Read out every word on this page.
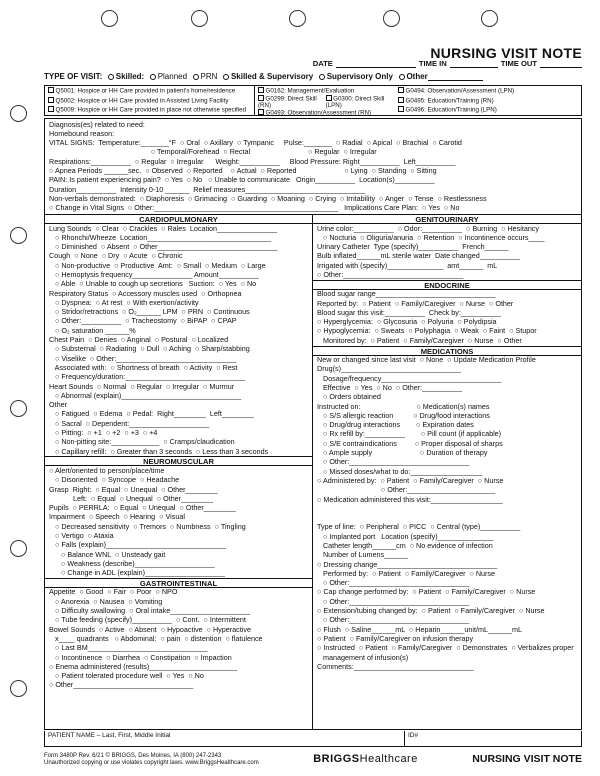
NURSING VISIT NOTE
DATE	TIME IN	TIME OUT
TYPE OF VISIT:	Skilled:	Planned	PRN	Skilled & Supervisory	Supervisory Only	Other
Q5001: Hospice or HH Care provided in patient's home/residence
Q5002: Hospice or HH Care provided in Assisted Living Facility
Q5009: Hospice or HH Care provided in place not otherwise specified
G0162: Management/Evaluation
G0299: Direct Skill (RN)
G0300: Direct Skill (LPN)
G0493: Observation/Assessment (RN)
G0494: Observation/Assessment (LPN)
G0495: Education/Training (RN)
G0496: Education/Training (LPN)
Diagnosis(es) related to need:
Homebound reason:
VITAL SIGNS:  Temperature:_______°F  ○ Oral  ○ Axillary  ○ Tympanic     Pulse:_______  ○ Radial  ○ Apical  ○ Brachial  ○ Carotid
○ Temporal/Forehead  ○ Rectal                             ○ Regular  ○ Irregular
Respirations:__________  ○ Regular  ○ Irregular      Weight:__________     Blood Pressure: Right__________  Left__________
○ Apnea Periods ______sec.  ○ Observed  ○ Reported    ○ Actual  ○ Reported                        ○ Lying  ○ Standing  ○ Sitting
PAIN: Is patient experiencing pain?  ○ Yes  ○ No   ○ Unable to communicate   Origin__________  Location(s)__________
Duration__________  Intensity 0-10 ______  Relief measures______________________________
Non-verbals demonstrated:  ○ Diaphoresis  ○ Grimacing  ○ Guarding  ○ Moaning  ○ Crying  ○ Irritability  ○ Anger  ○ Tense  ○ Restlessness
○ Change in Vital Signs  ○ Other:______________________________________________   Implications Care Plan:  ○ Yes  ○ No
CARDIOPULMONARY
Lung Sounds  ○ Clear  ○ Crackles  ○ Rales  Location_______________
○ Rhonchi/Wheeze  Location_______________________________
○ Diminished  ○ Absent  ○ Other______________________________
Cough  ○ None  ○ Dry  ○ Acute  ○ Chronic
○ Non-productive  ○ Productive  Amt:  ○ Small  ○ Medium  ○ Large
○ Hemoptysis frequency_______________ Amount__________
○ Able  ○ Unable to cough up secretions   Suction:  ○ Yes  ○ No
Respiratory Status  ○ Accessory muscles used  ○ Orthopnea
○ Dyspnea:  ○ At rest  ○ With exertion/activity
○ Stridor/retractions  ○ O₂______ LPM  ○ PRN  ○ Continuous
○ Other:__________  ○ Tracheostomy  ○ BiPAP  ○ CPAP
○ O₂ saturation ______%
Chest Pain  ○ Denies  ○ Anginal  ○ Postural  ○ Localized
○ Substernal  ○ Radiating  ○ Dull  ○ Aching  ○ Sharp/stabbing
○ Viselike  ○ Other:______________________________
Associated with:  ○ Shortness of breath  ○ Activity  ○ Rest
○ Frequency/duration:______________________________
Heart Sounds  ○ Normal  ○ Regular  ○ Irregular  ○ Murmur
○ Abnormal (explain)______________________________
Other
○ Fatigued  ○ Edema  ○ Pedal:  Right________  Left________
○ Sacral  ○ Dependent:____________________
○ Pitting:  ○ +1  ○ +2  ○ +3  ○ +4
○ Non-pitting site:____________  ○ Cramps/claudication
○ Capillary refill:  ○ Greater than 3 seconds  ○ Less than 3 seconds
NEUROMUSCULAR
○ Alert/oriented to person/place/time
○ Disoriented  ○ Syncope  ○ Headache
Grasp  Right:  ○ Equal  ○ Unequal  ○ Other________
Left:  ○ Equal  ○ Unequal  ○ Other________
Pupils  ○ PERRLA:  ○ Equal  ○ Unequal  ○ Other________
Impairment  ○ Speech  ○ Hearing  ○ Visual
○ Decreased sensitivity  ○ Tremors  ○ Numbness  ○ Tingling
○ Vertigo  ○ Ataxia
○ Falls (explain)______________________________
○ Balance WNL  ○ Unsteady gait
○ Weakness (describe)____________________
○ Change in ADL (explain)____________________
GASTROINTESTINAL
Appetite  ○ Good  ○ Fair  ○ Poor  ○ NPO
○ Anorexia  ○ Nausea  ○ Vomiting
○ Difficulty swallowing  ○ Oral intake____________________
○ Tube feeding (specify)__________  ○ Cont.  ○ Intermittent
Bowel Sounds  ○ Active  ○ Absent  ○ Hypoactive  ○ Hyperactive
x____ quadrants   ○ Abdominal:  ○ pain  ○ distention  ○ flatulence
○ Last BM______________________________
○ Incontinence  ○ Diarrhea  ○ Constipation  ○ Impaction
○ Enema administered (results)______________________
○ Patient tolerated procedure well  ○ Yes  ○ No
○ Other______________________________
GENITOURINARY
Urine color:__________  ○ Odor:__________  ○ Burning  ○ Hesitancy
○ Nocturia  ○ Oliguria/anuria  ○ Retention  ○ Incontinence occurs____
Urinary Catheter  Type (specify)__________  French______
Bulb inflated______mL sterile water  Date changed__________
Irrigated with (specify)______________  amt______  mL
○ Other:______________________________
ENDOCRINE
Blood sugar range______________________________
Reported by:  ○ Patient  ○ Family/Caregiver  ○ Nurse  ○ Other
Blood sugar this visit:__________  Check by:__________
○ Hyperglycemia:  ○ Glycosuria  ○ Polyuria  ○ Polydipsia
○ Hypoglycemia:  ○ Sweats  ○ Polyphagia  ○ Weak  ○ Faint  ○ Stupor
Monitored by:  ○ Patient  ○ Family/Caregiver  ○ Nurse  ○ Other
MEDICATIONS
New or changed since last visit  ○ None  ○ Update Medication Profile
Drug(s)______________________________
Dosage/frequency______________________________
Effective  ○ Yes  ○ No  ○ Other:__________
○ Orders obtained
Instructed on:                            ○ Medication(s) names
○ S/S allergic reaction          ○ Drug/food interactions
○ Drug/drug interactions        ○ Expiration dates
○ Rx refill by:__________        ○ Pill count (if applicable)
○ S/E contraindications         ○ Proper disposal of sharps
○ Ample supply                        ○ Duration of therapy
○ Other:______________________________
○ Missed doses/what to do:__________________
○ Administered by:  ○ Patient  ○ Family/Caregiver  ○ Nurse
○ Other:______________________
○ Medication administered this visit:__________________
Type of line:  ○ Peripheral  ○ PICC  ○ Central (type)__________
○ Implanted port   Location (specify)______________
Catheter length______cm  ○ No evidence of infection
Number of Lumens______
○ Dressing change______________________________
Performed by:  ○ Patient  ○ Family/Caregiver  ○ Nurse
○ Other:______________________________
○ Cap change performed by:  ○ Patient  ○ Family/Caregiver  ○ Nurse
○ Other:______________________________
○ Extension/tubing changed by:  ○ Patient  ○ Family/Caregiver  ○ Nurse
○ Other:______________________________
○ Flush  ○ Saline______mL  ○ Heparin______unit/mL______mL
○ Patient  ○ Family/Caregiver on infusion therapy
○ Instructed  ○ Patient  ○ Family/Caregiver  ○ Demonstrates  ○ Verbalizes proper
management of infusion(s)
Comments:______________________________
PATIENT NAME – Last, First, Middle Initial	ID#
Form 3480P Rev. 6/21 © BRIGGS, Des Moines, IA (800) 247-2343
Unauthorized copying or use violates copyright laws. www.BriggsHealthcare.com	BRIGGSHealthcare	NURSING VISIT NOTE
